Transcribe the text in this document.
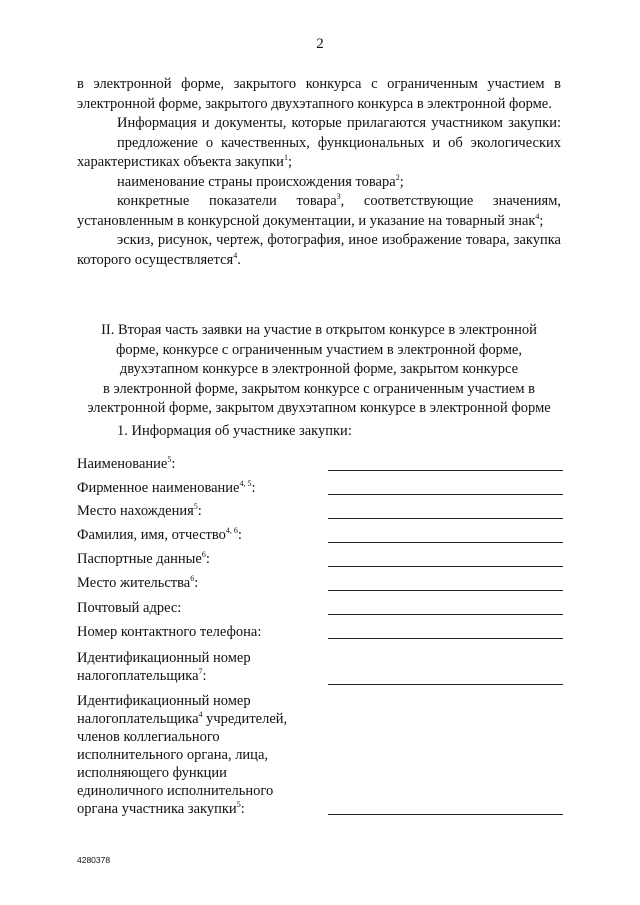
2

в электронной форме, закрытого конкурса с ограниченным участием в электронной форме, закрытого двухэтапного конкурса в электронной форме.

Информация и документы, которые прилагаются участником закупки:

предложение о качественных, функциональных и об экологических характеристиках объекта закупки$^1$;

наименование страны происхождения товара$^2$;

конкретные показатели товара$^3$, соответствующие значениям, установленным в конкурсной документации, и указание на товарный знак$^4$;

эскиз, рисунок, чертеж, фотография, иное изображение товара, закупка которого осуществляется$^4$.

II. Вторая часть заявки на участие в открытом конкурсе в электронной
форме, конкурсе с ограниченным участием в электронной форме,
двухэтапном конкурсе в электронной форме, закрытом конкурсе
в электронной форме, закрытом конкурсе с ограниченным участием в
электронной форме, закрытом двухэтапном конкурсе в электронной форме
1. Информация об участнике закупки:
Наименование$^5$:
Фирменное наименование$^{4, 5}$:
Место нахождения$^5$:
Фамилия, имя, отчество$^{4, 6}$:
Паспортные данные$^6$:
Место жительства$^6$:
Почтовый адрес:
Номер контактного телефона:
Идентификационный номер
налогоплательщика$^7$:
Идентификационный номер
налогоплательщика$^4$ учредителей,
членов коллегиального
исполнительного органа, лица,
исполняющего функции
единоличного исполнительного
органа участника закупки$^5$:
4280378
